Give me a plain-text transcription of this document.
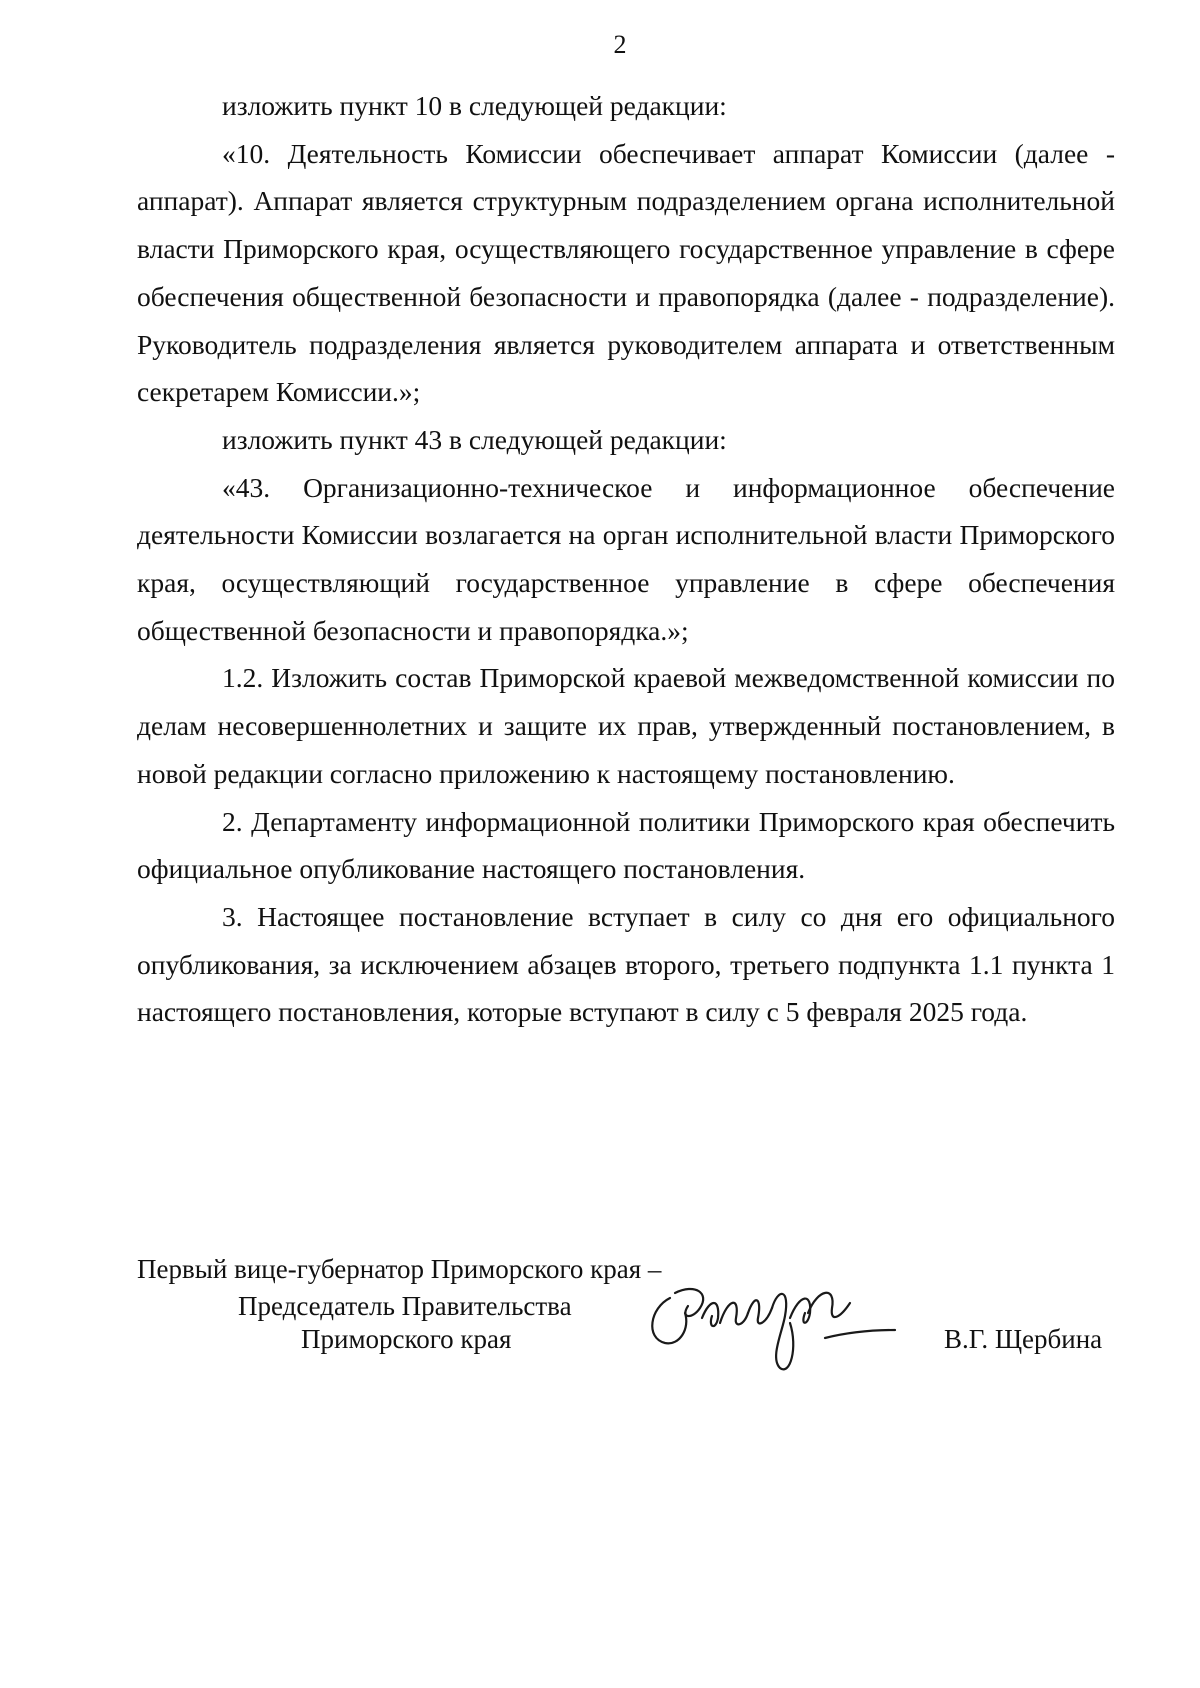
2

изложить пункт 10 в следующей редакции:

«10. Деятельность Комиссии обеспечивает аппарат Комиссии (далее - аппарат). Аппарат является структурным подразделением органа исполнительной власти Приморского края, осуществляющего государственное управление в сфере обеспечения общественной безопасности и правопорядка (далее - подразделение). Руководитель подразделения является руководителем аппарата и ответственным секретарем Комиссии.»;

изложить пункт 43 в следующей редакции:

«43. Организационно-техническое и информационное обеспечение деятельности Комиссии возлагается на орган исполнительной власти Приморского края, осуществляющий государственное управление в сфере обеспечения общественной безопасности и правопорядка.»;

1.2. Изложить состав Приморской краевой межведомственной комиссии по делам несовершеннолетних и защите их прав, утвержденный постановлением, в новой редакции согласно приложению к настоящему постановлению.

2. Департаменту информационной политики Приморского края обеспечить официальное опубликование настоящего постановления.

3. Настоящее постановление вступает в силу со дня его официального опубликования, за исключением абзацев второго, третьего подпункта 1.1 пункта 1 настоящего постановления, которые вступают в силу с 5 февраля 2025 года.

Первый вице-губернатор Приморского края –
Председатель Правительства
Приморского края	В.Г. Щербина
